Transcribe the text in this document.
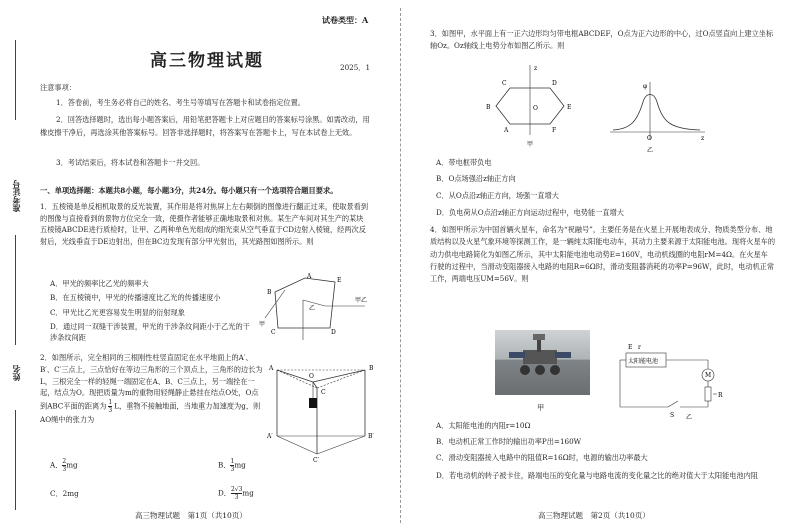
准考证号
姓名
试卷类型：A
高三物理试题	2025．1
注意事项：
1．答卷前，考生务必将自己的姓名、考生号等填写在答题卡和试卷指定位置。
2．回答选择题时，选出每小题答案后，用铅笔把答题卡上对应题目的答案标号涂黑。如需改动，用橡皮擦干净后，再选涂其他答案标号。回答非选择题时，将答案写在答题卡上，写在本试卷上无效。
3．考试结束后，将本试卷和答题卡一并交回。
一、单项选择题：本题共8小题，每小题3分，共24分。每小题只有一个选项符合题目要求。
1．五棱镜是单反相机取景的反光装置，其作用是将对焦屏上左右颠倒的图像进行翻正过来，使取景看到的图像与直接看到的景物方位完全一致，使摄作者能够正确地取景和对焦。某生产车间对其生产的某块五棱镜ABCDE进行质检时，让甲、乙两种单色光组成的细光束从空气垂直于CD边射入棱镜，经两次反射后，光线垂直于DE边射出，但在BC边发现有部分甲光射出，其光路图如图所示。则
A．甲光的频率比乙光的频率大
B．在五棱镜中，甲光的传播速度比乙光的传播速度小
C．甲光比乙光更容易发生明显的衍射现象
D．通过同一双缝干涉装置，甲光的干涉条纹间距小于乙光的干涉条纹间距
A
E
B
C	D
甲
乙
甲乙
2．如图所示，完全相同的三根刚性柱竖直固定在水平地面上的A′、B′、C′三点上，三点恰好在等边三角形的三个顶点上，三角形的边长为L，三根完全一样的轻绳一端固定在A、B、C三点上，另一端拴在一起，结点为O。现把质量为m的重物用轻绳静止悬挂在结点O处，O点到ABC平面的距离为 $\frac{1}{3}$ L，重物不接触地面，当地重力加速度为g，则AO绳中的张力为
A． $\frac{2}{3}$ mg	B． $\frac{1}{3}$ mg
C．2mg	D． $\frac{2√3}{3}$ mg
A	B
C
O
A′	B′
C′
高三物理试题　第1页（共10页）
3．如图甲，水平面上有一正六边形均匀带电框ABCDEF，O点为正六边形的中心，过O点竖直向上建立坐标轴Oz。Oz轴线上电势分布如图乙所示。则
z
C	D
B	E
A	F
O
甲
φ
O	z
乙
A．带电框带负电
B．O点场强沿z轴正方向
C．从O点沿z轴正方向，场强一直增大
D．负电荷从O点沿z轴正方向运动过程中，电势能一直增大
4．如图甲所示为中国首辆火星车，命名为“祝融号”，主要任务是在火星上开展地表成分、物质类型分布、地质结构以及火星气象环境等探测工作，是一辆纯太阳能电动车，其动力主要来源于太阳能电池。现将火星车的动力供电电路简化为如图乙所示，其中太阳能电池电动势E=160V，电动机线圈的电阻rM=4Ω。在火星车行驶的过程中，当滑动变阻器接入电路的电阻R=6Ω时，滑动变阻器消耗的功率P=96W，此时，电动机正常工作，两端电压UM=56V。则
甲
E r
太阳能电池
M
R
S 乙
A．太阳能电池的内阻r=10Ω
B．电动机正常工作时的输出功率P出=160W
C．滑动变阻器接入电路中的阻值R=16Ω时，电源的输出功率最大
D．若电动机的转子被卡住，路端电压的变化量与电路电流的变化量之比的绝对值大于太阳能电池内阻
高三物理试题　第2页（共10页）
